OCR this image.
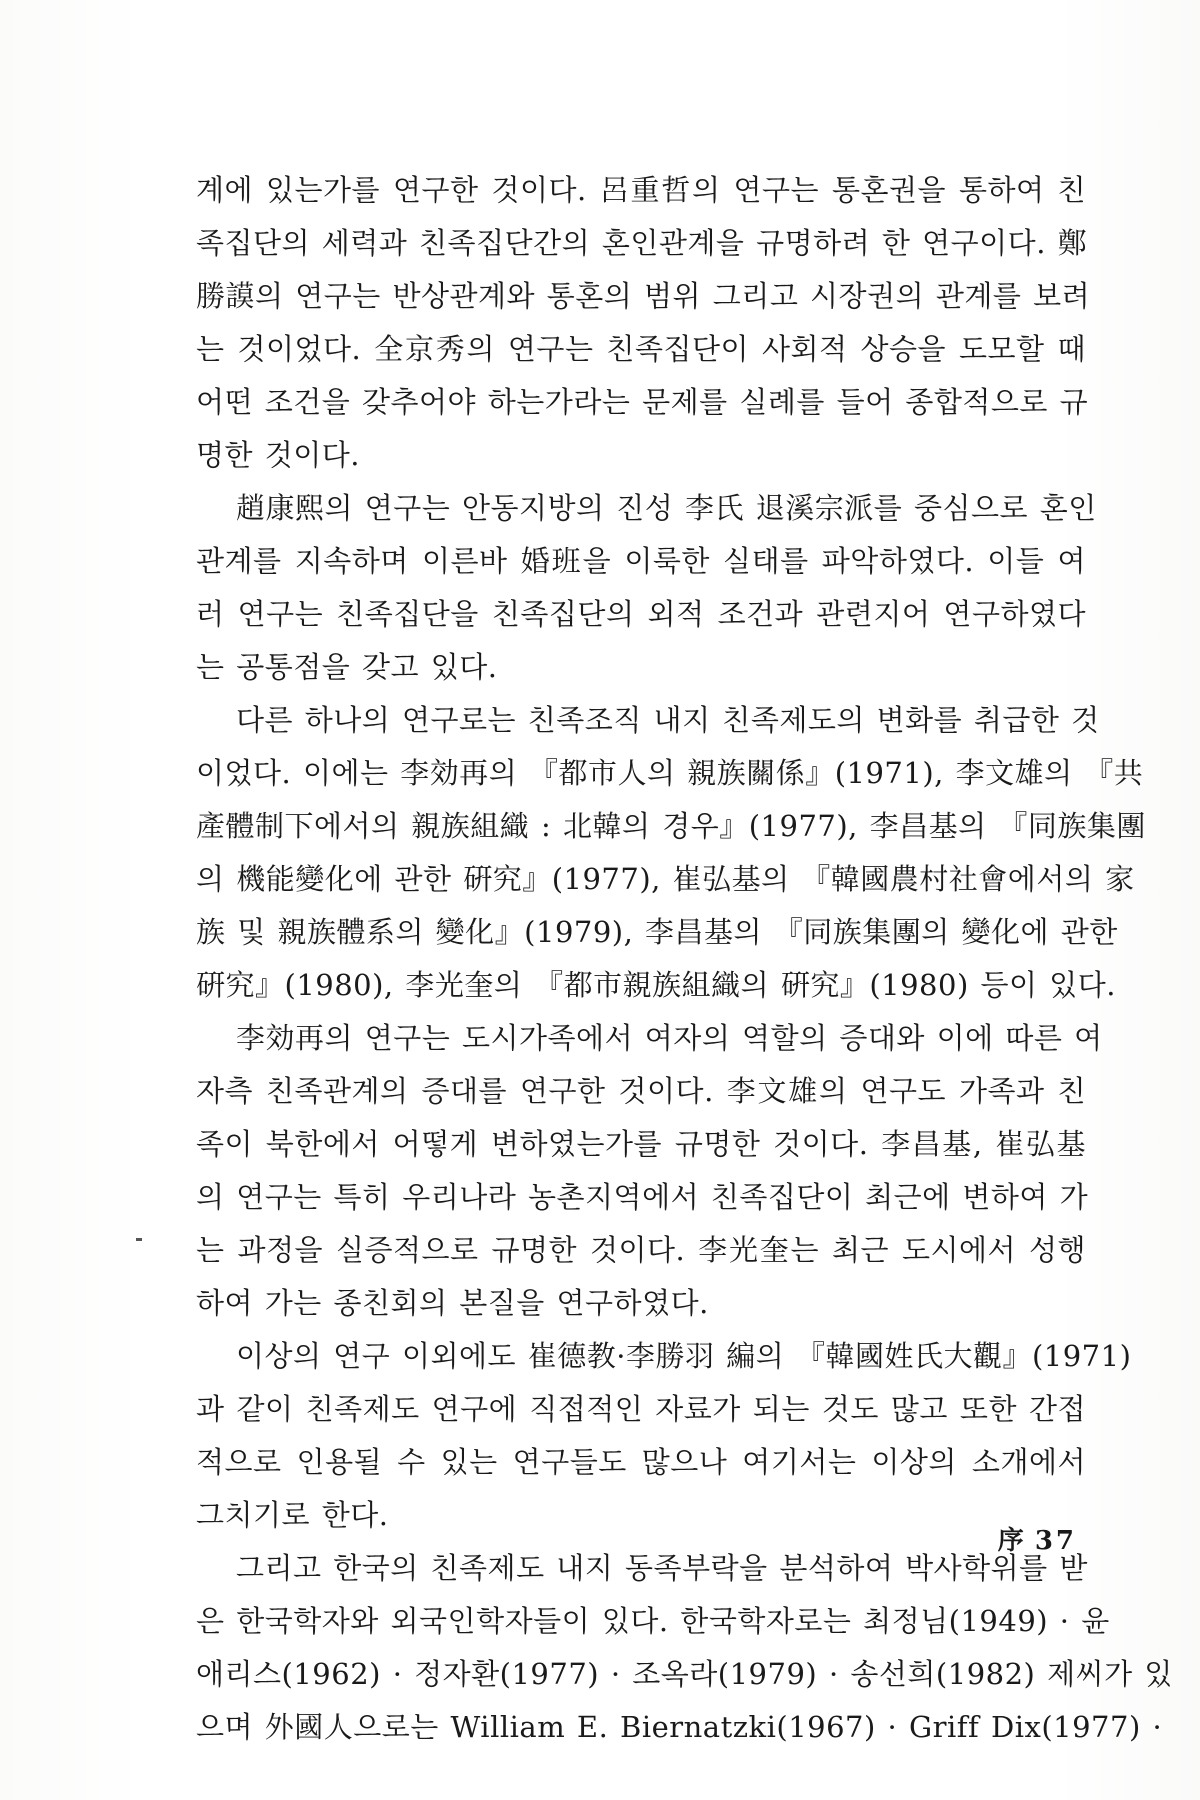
계에 있는가를 연구한 것이다. 呂重哲의 연구는 통혼권을 통하여 친
족집단의 세력과 친족집단간의 혼인관계을 규명하려 한 연구이다. 鄭
勝謨의 연구는 반상관계와 통혼의 범위 그리고 시장권의 관계를 보려
는 것이었다. 全京秀의 연구는 친족집단이 사회적 상승을 도모할 때
어떤 조건을 갖추어야 하는가라는 문제를 실례를 들어 종합적으로 규
명한 것이다.
趙康熙의 연구는 안동지방의 진성 李氏 退溪宗派를 중심으로 혼인
관계를 지속하며 이른바 婚班을 이룩한 실태를 파악하였다. 이들 여
러 연구는 친족집단을 친족집단의 외적 조건과 관련지어 연구하였다
는 공통점을 갖고 있다.
다른 하나의 연구로는 친족조직 내지 친족제도의 변화를 취급한 것
이었다. 이에는 李効再의 『都市人의 親族關係』(1971), 李文雄의 『共
產體制下에서의 親族組織 : 北韓의 경우』(1977), 李昌基의 『同族集團
의 機能變化에 관한 硏究』(1977), 崔弘基의 『韓國農村社會에서의 家
族 및 親族體系의 變化』(1979), 李昌基의 『同族集團의 變化에 관한
硏究』(1980), 李光奎의 『都市親族組織의 硏究』(1980) 등이 있다.
李効再의 연구는 도시가족에서 여자의 역할의 증대와 이에 따른 여
자측 친족관계의 증대를 연구한 것이다. 李文雄의 연구도 가족과 친
족이 북한에서 어떻게 변하였는가를 규명한 것이다. 李昌基, 崔弘基
의 연구는 특히 우리나라 농촌지역에서 친족집단이 최근에 변하여 가
는 과정을 실증적으로 규명한 것이다. 李光奎는 최근 도시에서 성행
하여 가는 종친회의 본질을 연구하였다.
이상의 연구 이외에도 崔德教·李勝羽 編의 『韓國姓氏大觀』(1971)
과 같이 친족제도 연구에 직접적인 자료가 되는 것도 많고 또한 간접
적으로 인용될 수 있는 연구들도 많으나 여기서는 이상의 소개에서
그치기로 한다.
그리고 한국의 친족제도 내지 동족부락을 분석하여 박사학위를 받
은 한국학자와 외국인학자들이 있다. 한국학자로는 최정님(1949) · 윤
애리스(1962) · 정자환(1977) · 조옥라(1979) · 송선희(1982) 제씨가 있
으며 外國人으로는 William E. Biernatzki(1967) · Griff Dix(1977) ·
序 37
